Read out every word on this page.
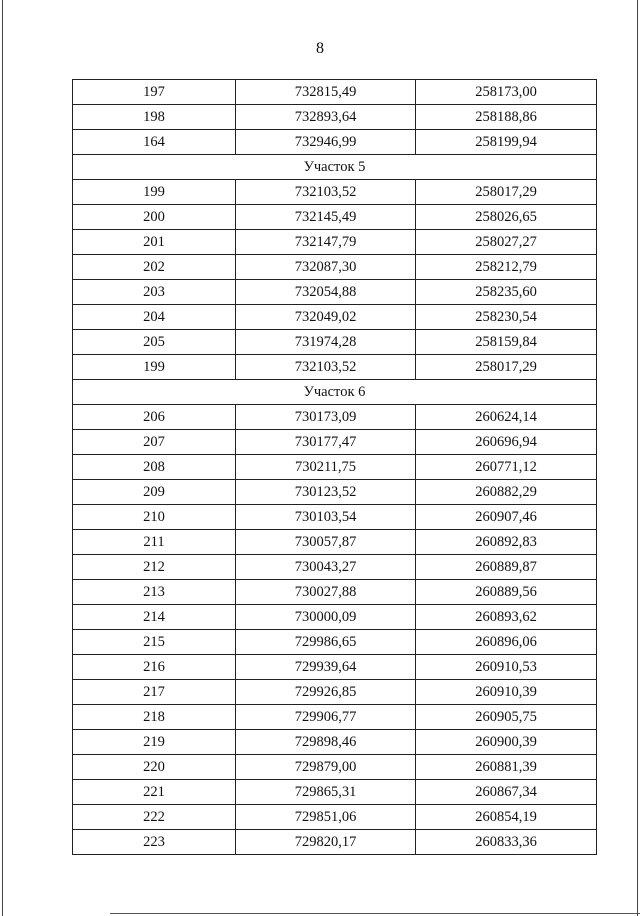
8
197	732815,49	258173,00
198	732893,64	258188,86
164	732946,99	258199,94
Участок 5		
199	732103,52	258017,29
200	732145,49	258026,65
201	732147,79	258027,27
202	732087,30	258212,79
203	732054,88	258235,60
204	732049,02	258230,54
205	731974,28	258159,84
199	732103,52	258017,29
Участок 6		
206	730173,09	260624,14
207	730177,47	260696,94
208	730211,75	260771,12
209	730123,52	260882,29
210	730103,54	260907,46
211	730057,87	260892,83
212	730043,27	260889,87
213	730027,88	260889,56
214	730000,09	260893,62
215	729986,65	260896,06
216	729939,64	260910,53
217	729926,85	260910,39
218	729906,77	260905,75
219	729898,46	260900,39
220	729879,00	260881,39
221	729865,31	260867,34
222	729851,06	260854,19
223	729820,17	260833,36
